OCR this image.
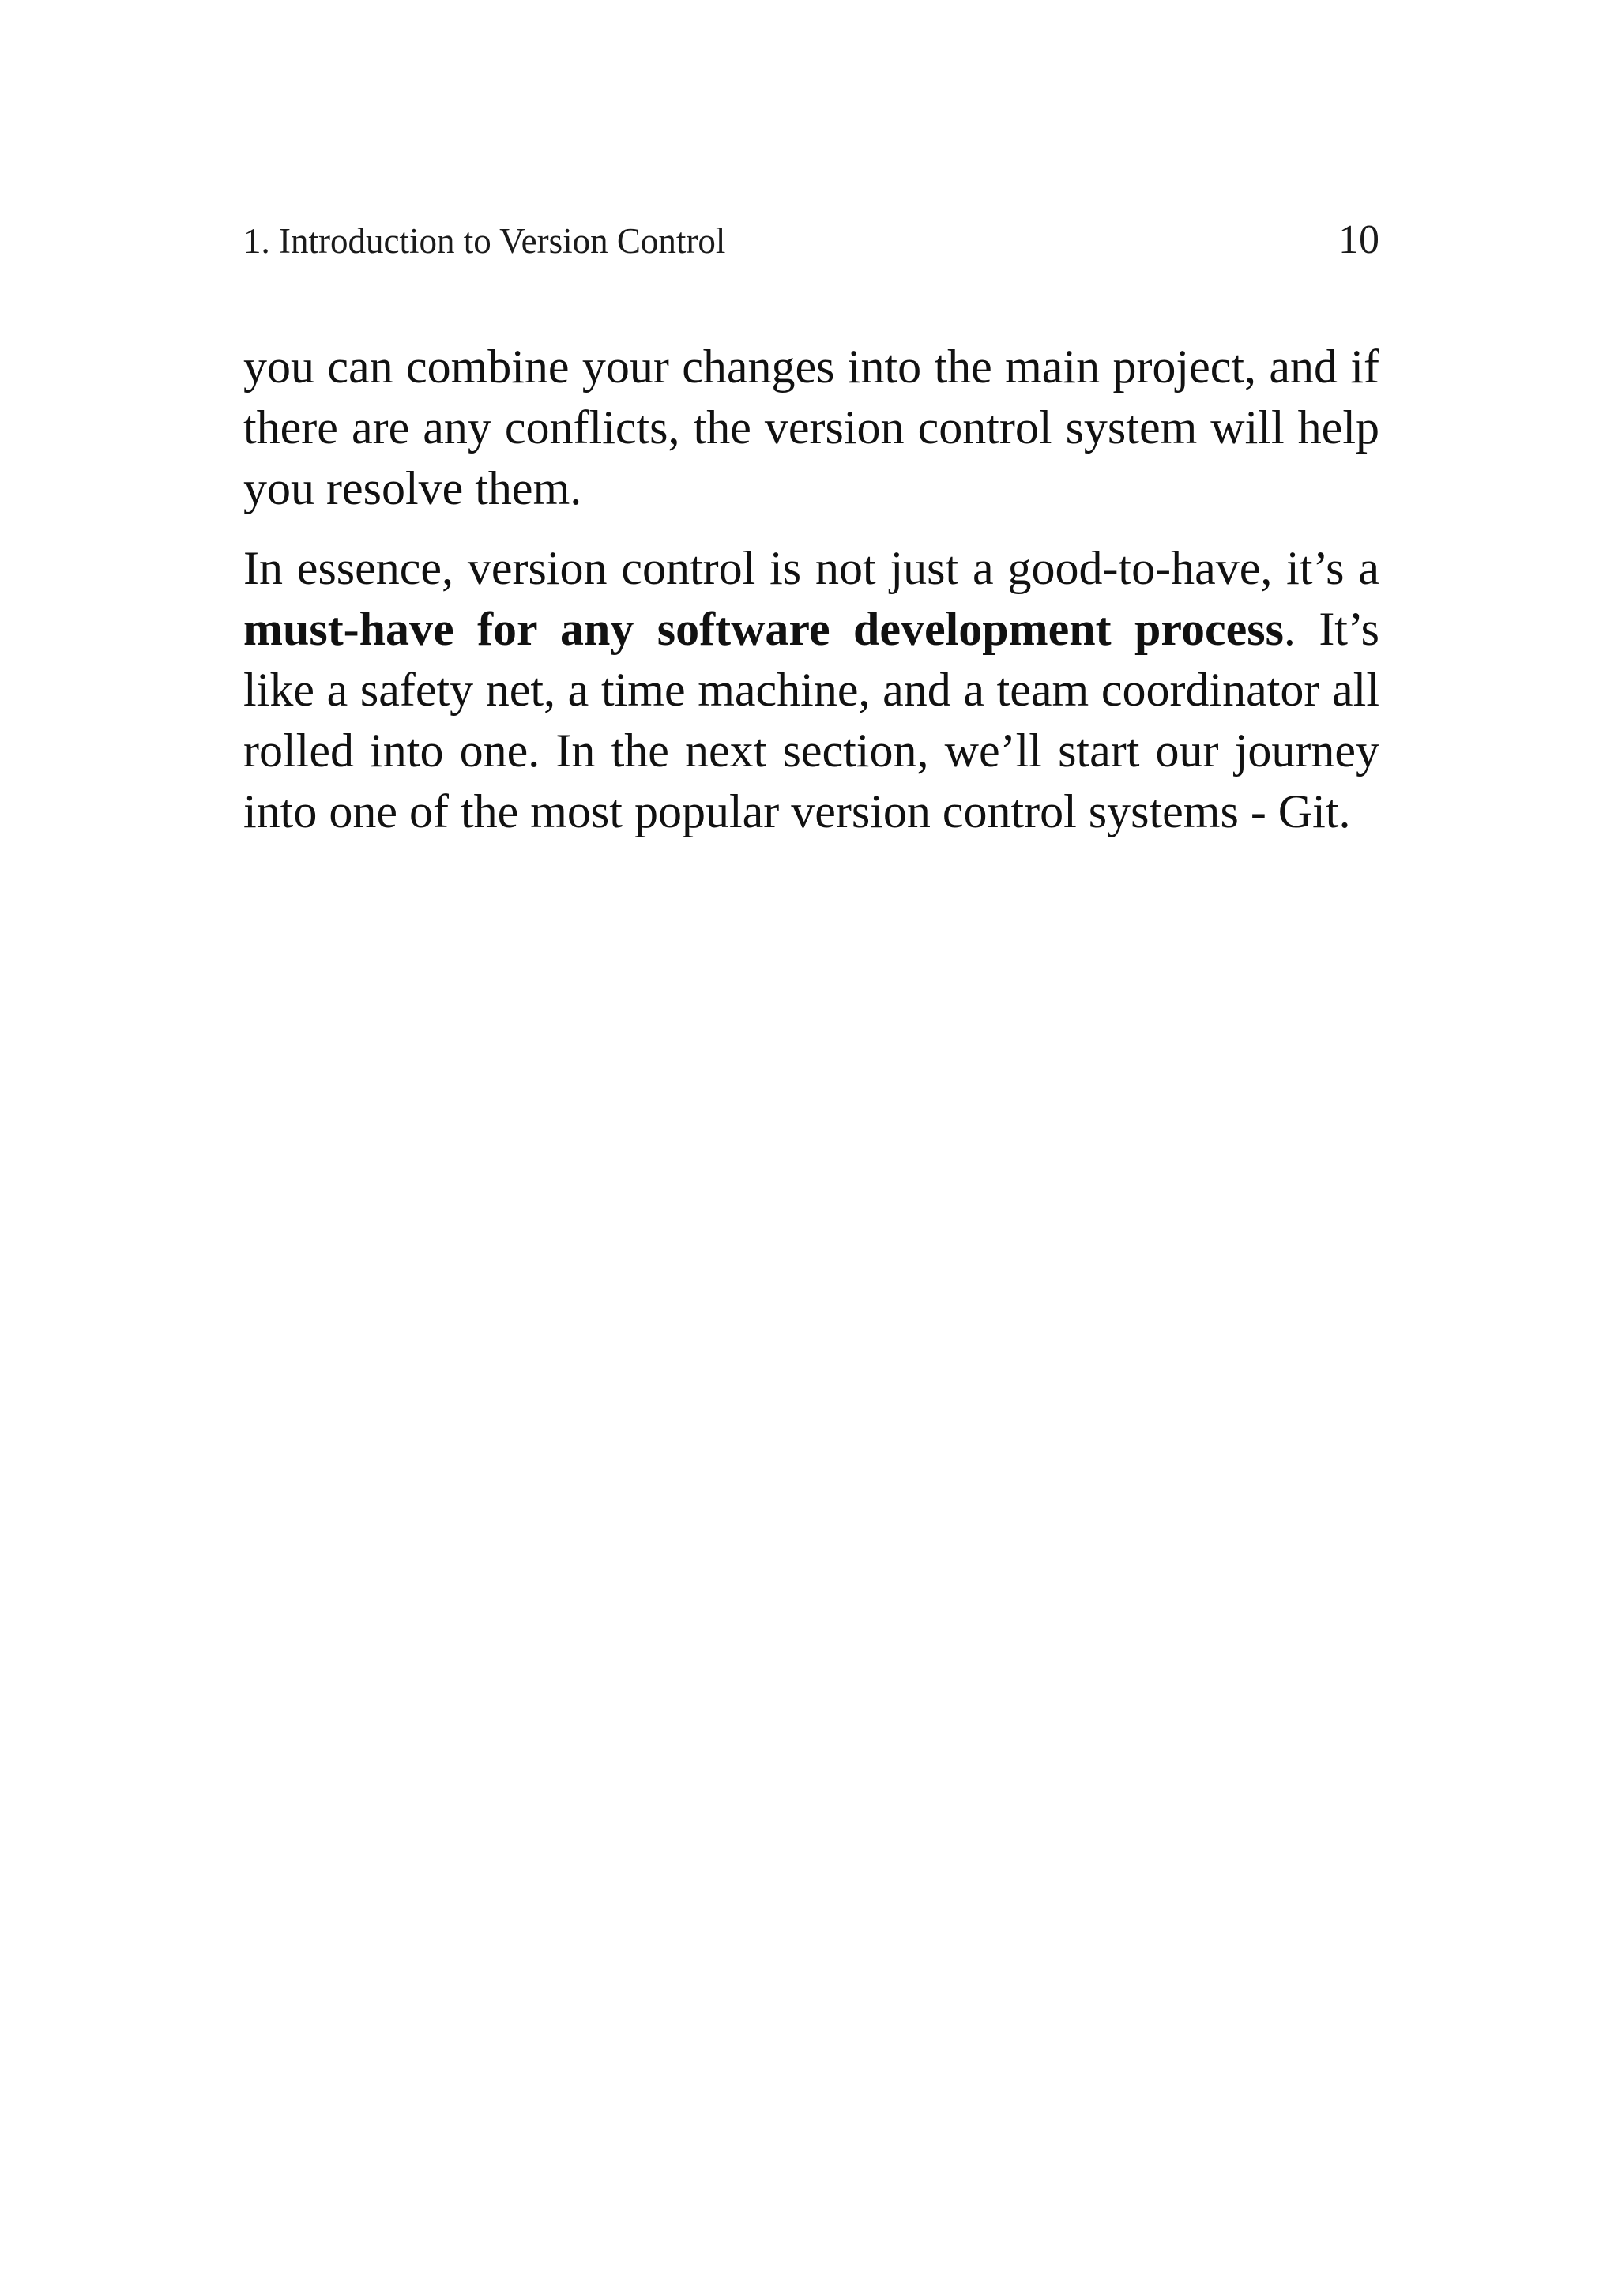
1. Introduction to Version Control	10

you can combine your changes into the main project, and if there are any conflicts, the version control system will help you resolve them.

In essence, version control is not just a good-to-have, it’s a must-have for any software development process. It’s like a safety net, a time machine, and a team coordinator all rolled into one. In the next section, we’ll start our journey into one of the most popular version control systems - Git.
